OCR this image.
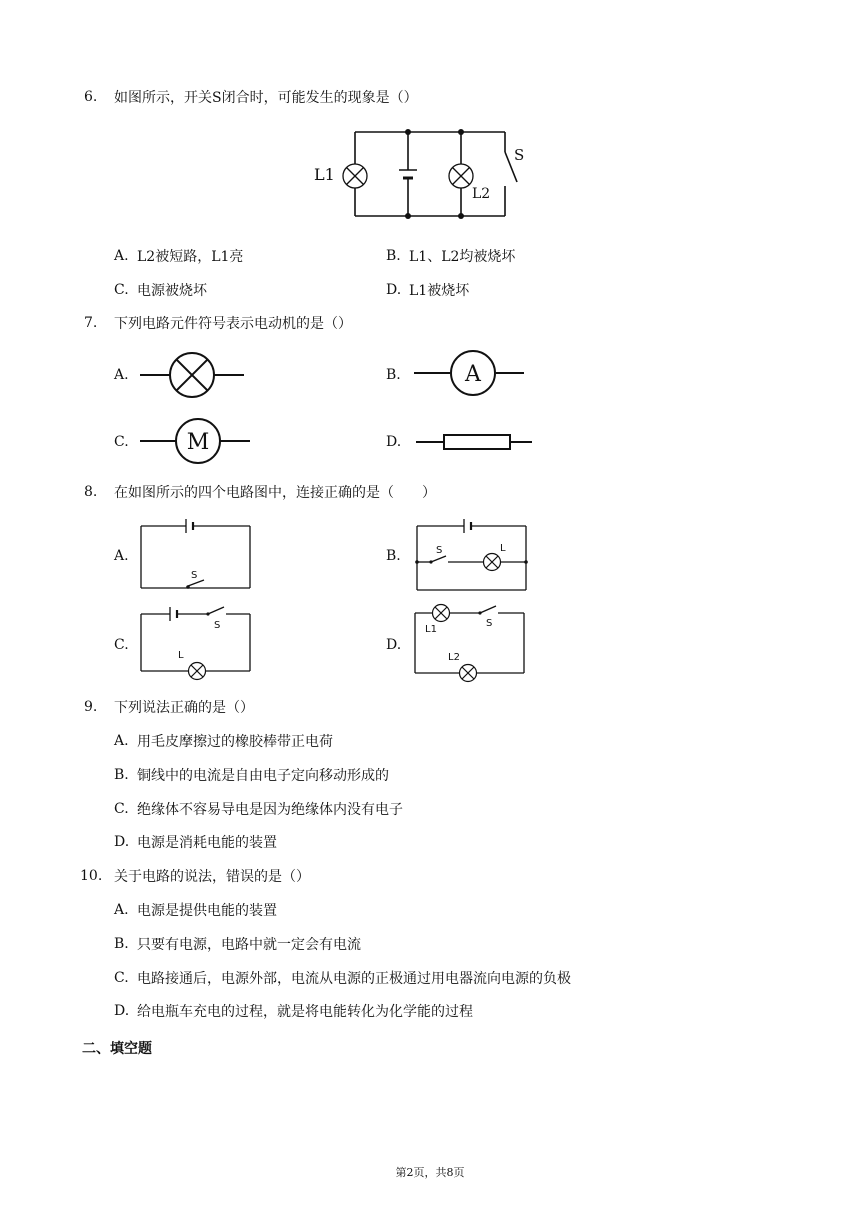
6. 如图所示，开关S闭合时，可能发生的现象是（）
L1
L2
S
A. L2被短路，L1亮	B. L1、L2均被烧坏
C. 电源被烧坏	D. L1被烧坏
7. 下列电路元件符号表示电动机的是（）
A.	B.	A
C.	M	D.
8. 在如图所示的四个电路图中，连接正确的是（　　）
A.
S
B.	S	L
C.
S
L
D.
L1
S
L2
9. 下列说法正确的是（）
A. 用毛皮摩擦过的橡胶棒带正电荷
B. 铜线中的电流是自由电子定向移动形成的
C. 绝缘体不容易导电是因为绝缘体内没有电子
D. 电源是消耗电能的装置
10. 关于电路的说法，错误的是（）
A. 电源是提供电能的装置
B. 只要有电源，电路中就一定会有电流
C. 电路接通后，电源外部，电流从电源的正极通过用电器流向电源的负极
D. 给电瓶车充电的过程，就是将电能转化为化学能的过程
二、填空题
第2页，共8页
